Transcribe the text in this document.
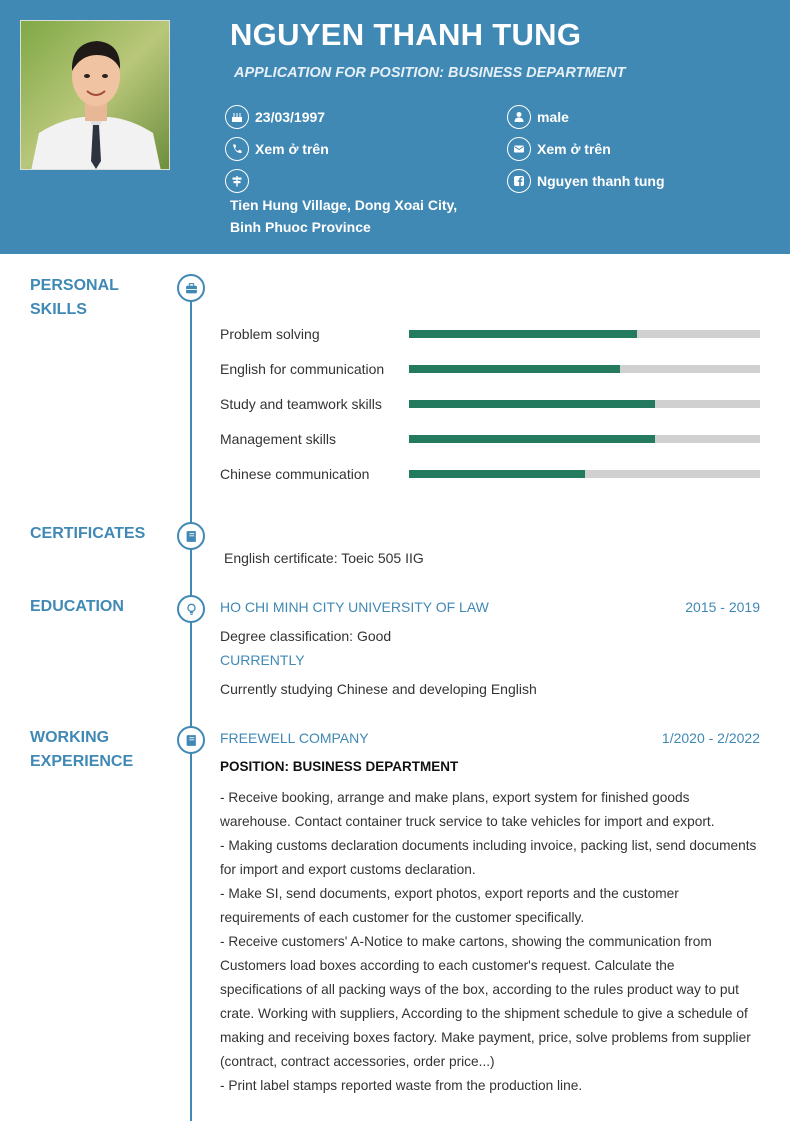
NGUYEN THANH TUNG
APPLICATION FOR POSITION: BUSINESS DEPARTMENT
23/03/1997	male
Xem ở trên	Xem ở trên
Nguyen thanh tung
Tien Hung Village, Dong Xoai City, Binh Phuoc Province
PERSONAL SKILLS
Problem solving
English for communication
Study and teamwork skills
Management skills
Chinese communication
CERTIFICATES
English certificate: Toeic 505 IIG
EDUCATION	HO CHI MINH CITY UNIVERSITY OF LAW	2015 - 2019
Degree classification: Good
CURRENTLY
Currently studying Chinese and developing English
WORKING EXPERIENCE
FREEWELL COMPANY	1/2020 - 2/2022
POSITION: BUSINESS DEPARTMENT
- Receive booking, arrange and make plans, export system for finished goods warehouse. Contact container truck service to take vehicles for import and export.
- Making customs declaration documents including invoice, packing list, send documents for import and export customs declaration.
- Make SI, send documents, export photos, export reports and the customer requirements of each customer for the customer specifically.
- Receive customers' A-Notice to make cartons, showing the communication from Customers load boxes according to each customer's request. Calculate the specifications of all packing ways of the box, according to the rules product way to put crate. Working with suppliers, According to the shipment schedule to give a schedule of making and receiving boxes factory. Make payment, price, solve problems from supplier (contract, contract accessories, order price...)
- Print label stamps reported waste from the production line.
